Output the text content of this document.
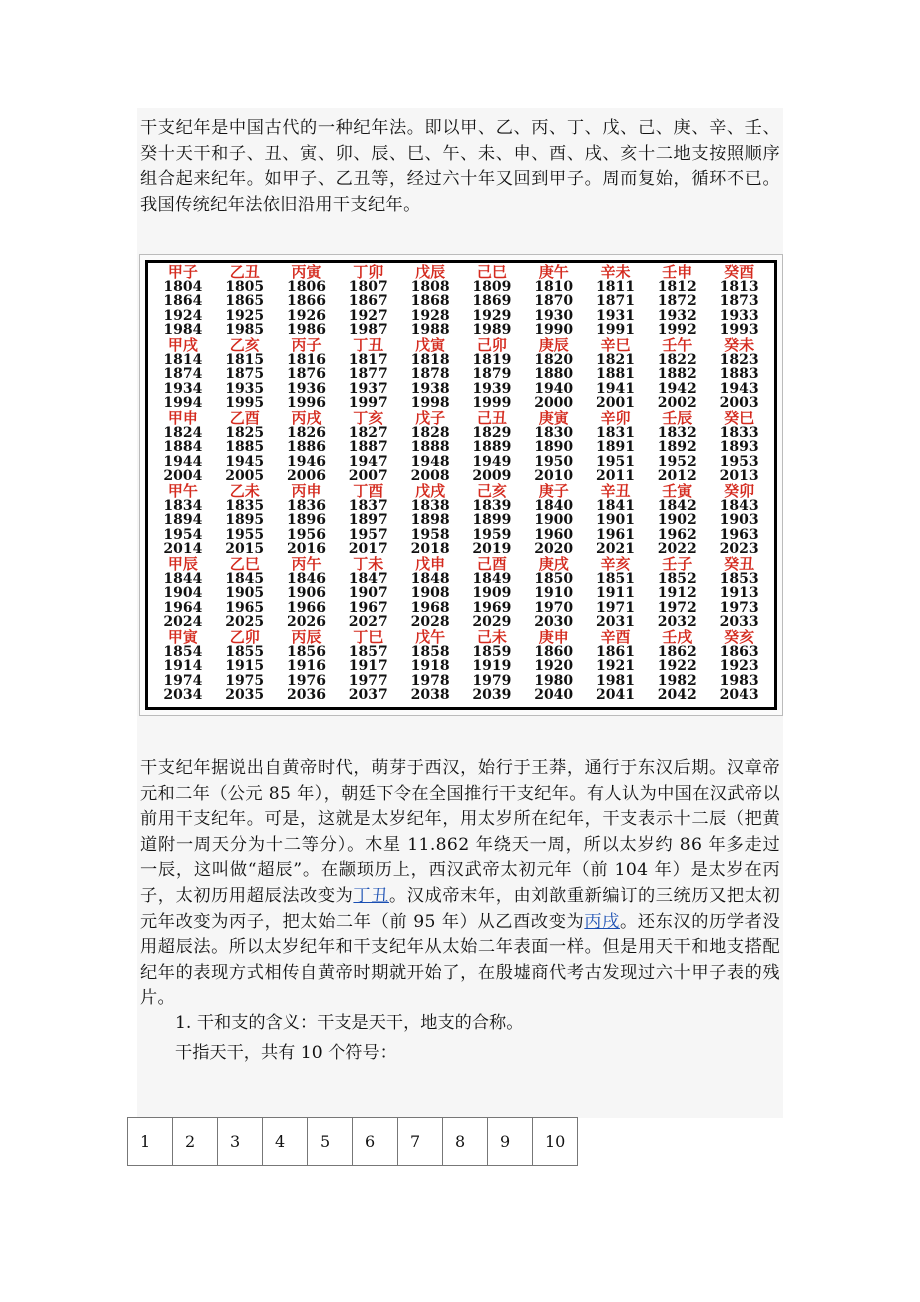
干支纪年是中国古代的一种纪年法。即以甲、乙、丙、丁、戊、己、庚、辛、壬、癸十天干和子、丑、寅、卯、辰、巳、午、未、申、酉、戌、亥十二地支按照顺序组合起来纪年。如甲子、乙丑等，经过六十年又回到甲子。周而复始，循环不已。我国传统纪年法依旧沿用干支纪年。

甲子	乙丑	丙寅	丁卯	戊辰	己巳	庚午	辛未	壬申	癸酉
1804	1805	1806	1807	1808	1809	1810	1811	1812	1813
1864	1865	1866	1867	1868	1869	1870	1871	1872	1873
1924	1925	1926	1927	1928	1929	1930	1931	1932	1933
1984	1985	1986	1987	1988	1989	1990	1991	1992	1993
甲戌	乙亥	丙子	丁丑	戊寅	己卯	庚辰	辛巳	壬午	癸未
1814	1815	1816	1817	1818	1819	1820	1821	1822	1823
1874	1875	1876	1877	1878	1879	1880	1881	1882	1883
1934	1935	1936	1937	1938	1939	1940	1941	1942	1943
1994	1995	1996	1997	1998	1999	2000	2001	2002	2003
甲申	乙酉	丙戌	丁亥	戊子	己丑	庚寅	辛卯	壬辰	癸巳
1824	1825	1826	1827	1828	1829	1830	1831	1832	1833
1884	1885	1886	1887	1888	1889	1890	1891	1892	1893
1944	1945	1946	1947	1948	1949	1950	1951	1952	1953
2004	2005	2006	2007	2008	2009	2010	2011	2012	2013
甲午	乙未	丙申	丁酉	戊戌	己亥	庚子	辛丑	壬寅	癸卯
1834	1835	1836	1837	1838	1839	1840	1841	1842	1843
1894	1895	1896	1897	1898	1899	1900	1901	1902	1903
1954	1955	1956	1957	1958	1959	1960	1961	1962	1963
2014	2015	2016	2017	2018	2019	2020	2021	2022	2023
甲辰	乙巳	丙午	丁未	戊申	己酉	庚戌	辛亥	壬子	癸丑
1844	1845	1846	1847	1848	1849	1850	1851	1852	1853
1904	1905	1906	1907	1908	1909	1910	1911	1912	1913
1964	1965	1966	1967	1968	1969	1970	1971	1972	1973
2024	2025	2026	2027	2028	2029	2030	2031	2032	2033
甲寅	乙卯	丙辰	丁巳	戊午	己未	庚申	辛酉	壬戌	癸亥
1854	1855	1856	1857	1858	1859	1860	1861	1862	1863
1914	1915	1916	1917	1918	1919	1920	1921	1922	1923
1974	1975	1976	1977	1978	1979	1980	1981	1982	1983
2034	2035	2036	2037	2038	2039	2040	2041	2042	2043

干支纪年据说出自黄帝时代，萌芽于西汉，始行于王莽，通行于东汉后期。汉章帝元和二年（公元 85 年），朝廷下令在全国推行干支纪年。有人认为中国在汉武帝以前用干支纪年。可是，这就是太岁纪年，用太岁所在纪年，干支表示十二辰（把黄道附一周天分为十二等分）。木星 11.862 年绕天一周，所以太岁约 86 年多走过一辰，这叫做“超辰”。在颛顼历上，西汉武帝太初元年（前 104 年）是太岁在丙子，太初历用超辰法改变为丁丑。汉成帝末年，由刘歆重新编订的三统历又把太初元年改变为丙子，把太始二年（前 95 年）从乙酉改变为丙戌。还东汉的历学者没用超辰法。所以太岁纪年和干支纪年从太始二年表面一样。但是用天干和地支搭配纪年的表现方式相传自黄帝时期就开始了，在殷墟商代考古发现过六十甲子表的残片。

1. 干和支的含义：干支是天干，地支的合称。

干指天干，共有 10 个符号：

1	2	3	4	5	6	7	8	9	10
